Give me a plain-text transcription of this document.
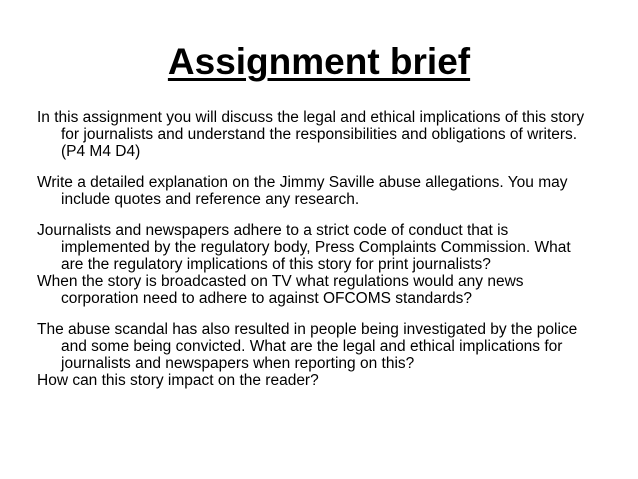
Assignment brief

In this assignment you will discuss the legal and ethical implications of this story
for journalists and understand the responsibilities and obligations of writers.
(P4 M4 D4)

Write a detailed explanation on the Jimmy Saville abuse allegations. You may
include quotes and reference any research.

Journalists and newspapers adhere to a strict code of conduct that is
implemented by the regulatory body, Press Complaints Commission. What
are the regulatory implications of this story for print journalists?

When the story is broadcasted on TV what regulations would any news
corporation need to adhere to against OFCOMS standards?

The abuse scandal has also resulted in people being investigated by the police
and some being convicted. What are the legal and ethical implications for
journalists and newspapers when reporting on this?

How can this story impact on the reader?
